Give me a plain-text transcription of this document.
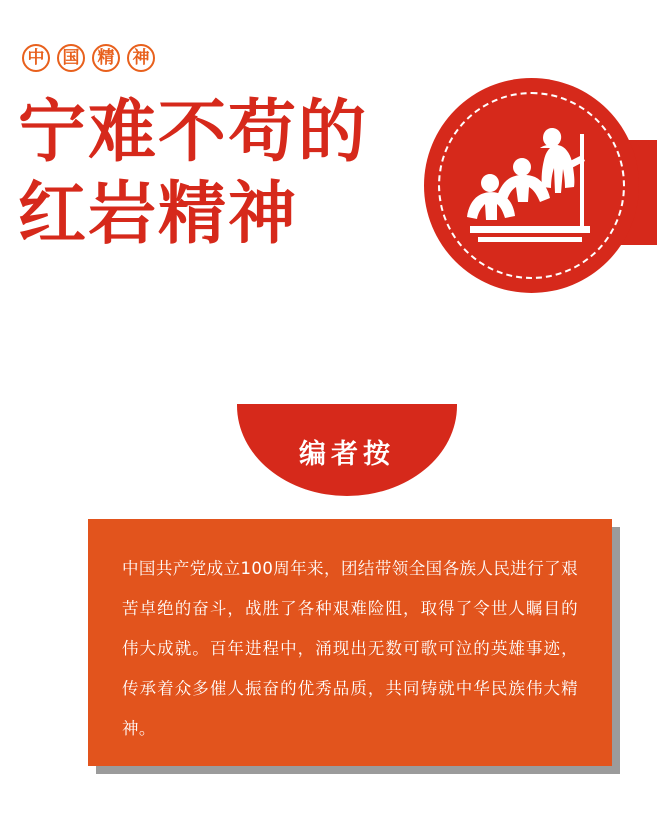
中	国	精	神
宁难不苟的
红岩精神
编者按
中国共产党成立100周年来，团结带领全国各族人民进行了艰苦卓绝的奋斗，战胜了各种艰难险阻，取得了令世人瞩目的伟大成就。百年进程中，涌现出无数可歌可泣的英雄事迹，传承着众多催人振奋的优秀品质，共同铸就中华民族伟大精神。
